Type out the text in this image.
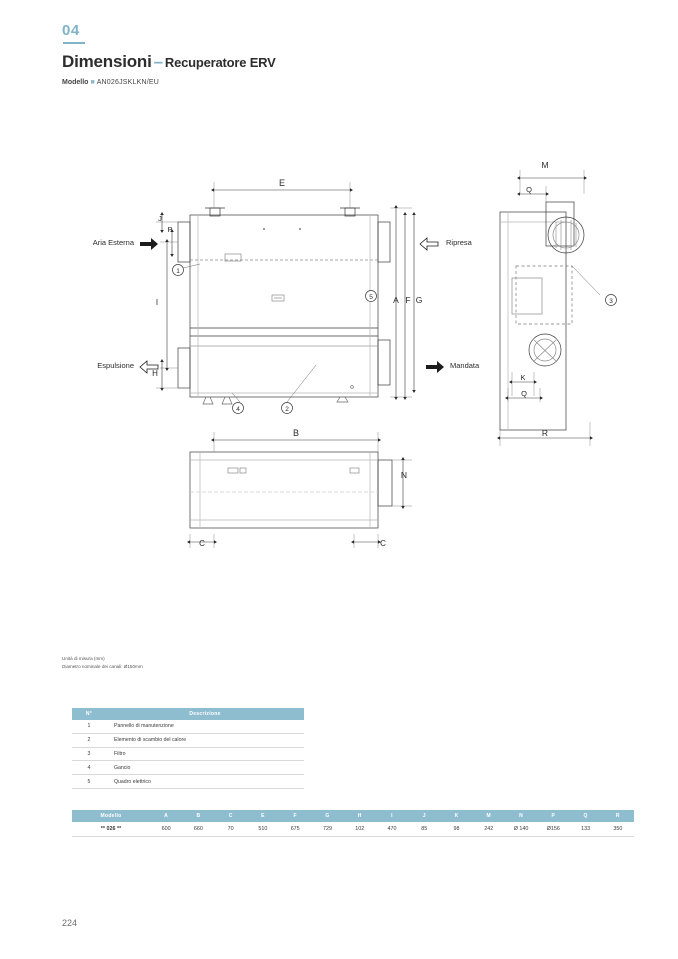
04
Dimensioni – Recuperatore ERV
Modello ■ AN026JSKLKN/EU
E
J
P
I
H
A F G
B
N
C	C
M
Q
K
Q
R
Aria Esterna
Espulsione
Ripresa
Mandata
1
2
3
4
5
Unità di misura (mm)
Diametro nominale dei canali: Ø150mm
N°	Descrizione
1	Pannello di manutenzione
2	Elemento di scambio del calore
3	Filtro
4	Gancio
5	Quadro elettrico
Modello	A	B	C	E	F	G	H	I	J	K	M	N	P	Q	R
** 026 **	600	660	70	510	675	729	102	470	85	98	242	Ø 140	Ø156	133	350
224
